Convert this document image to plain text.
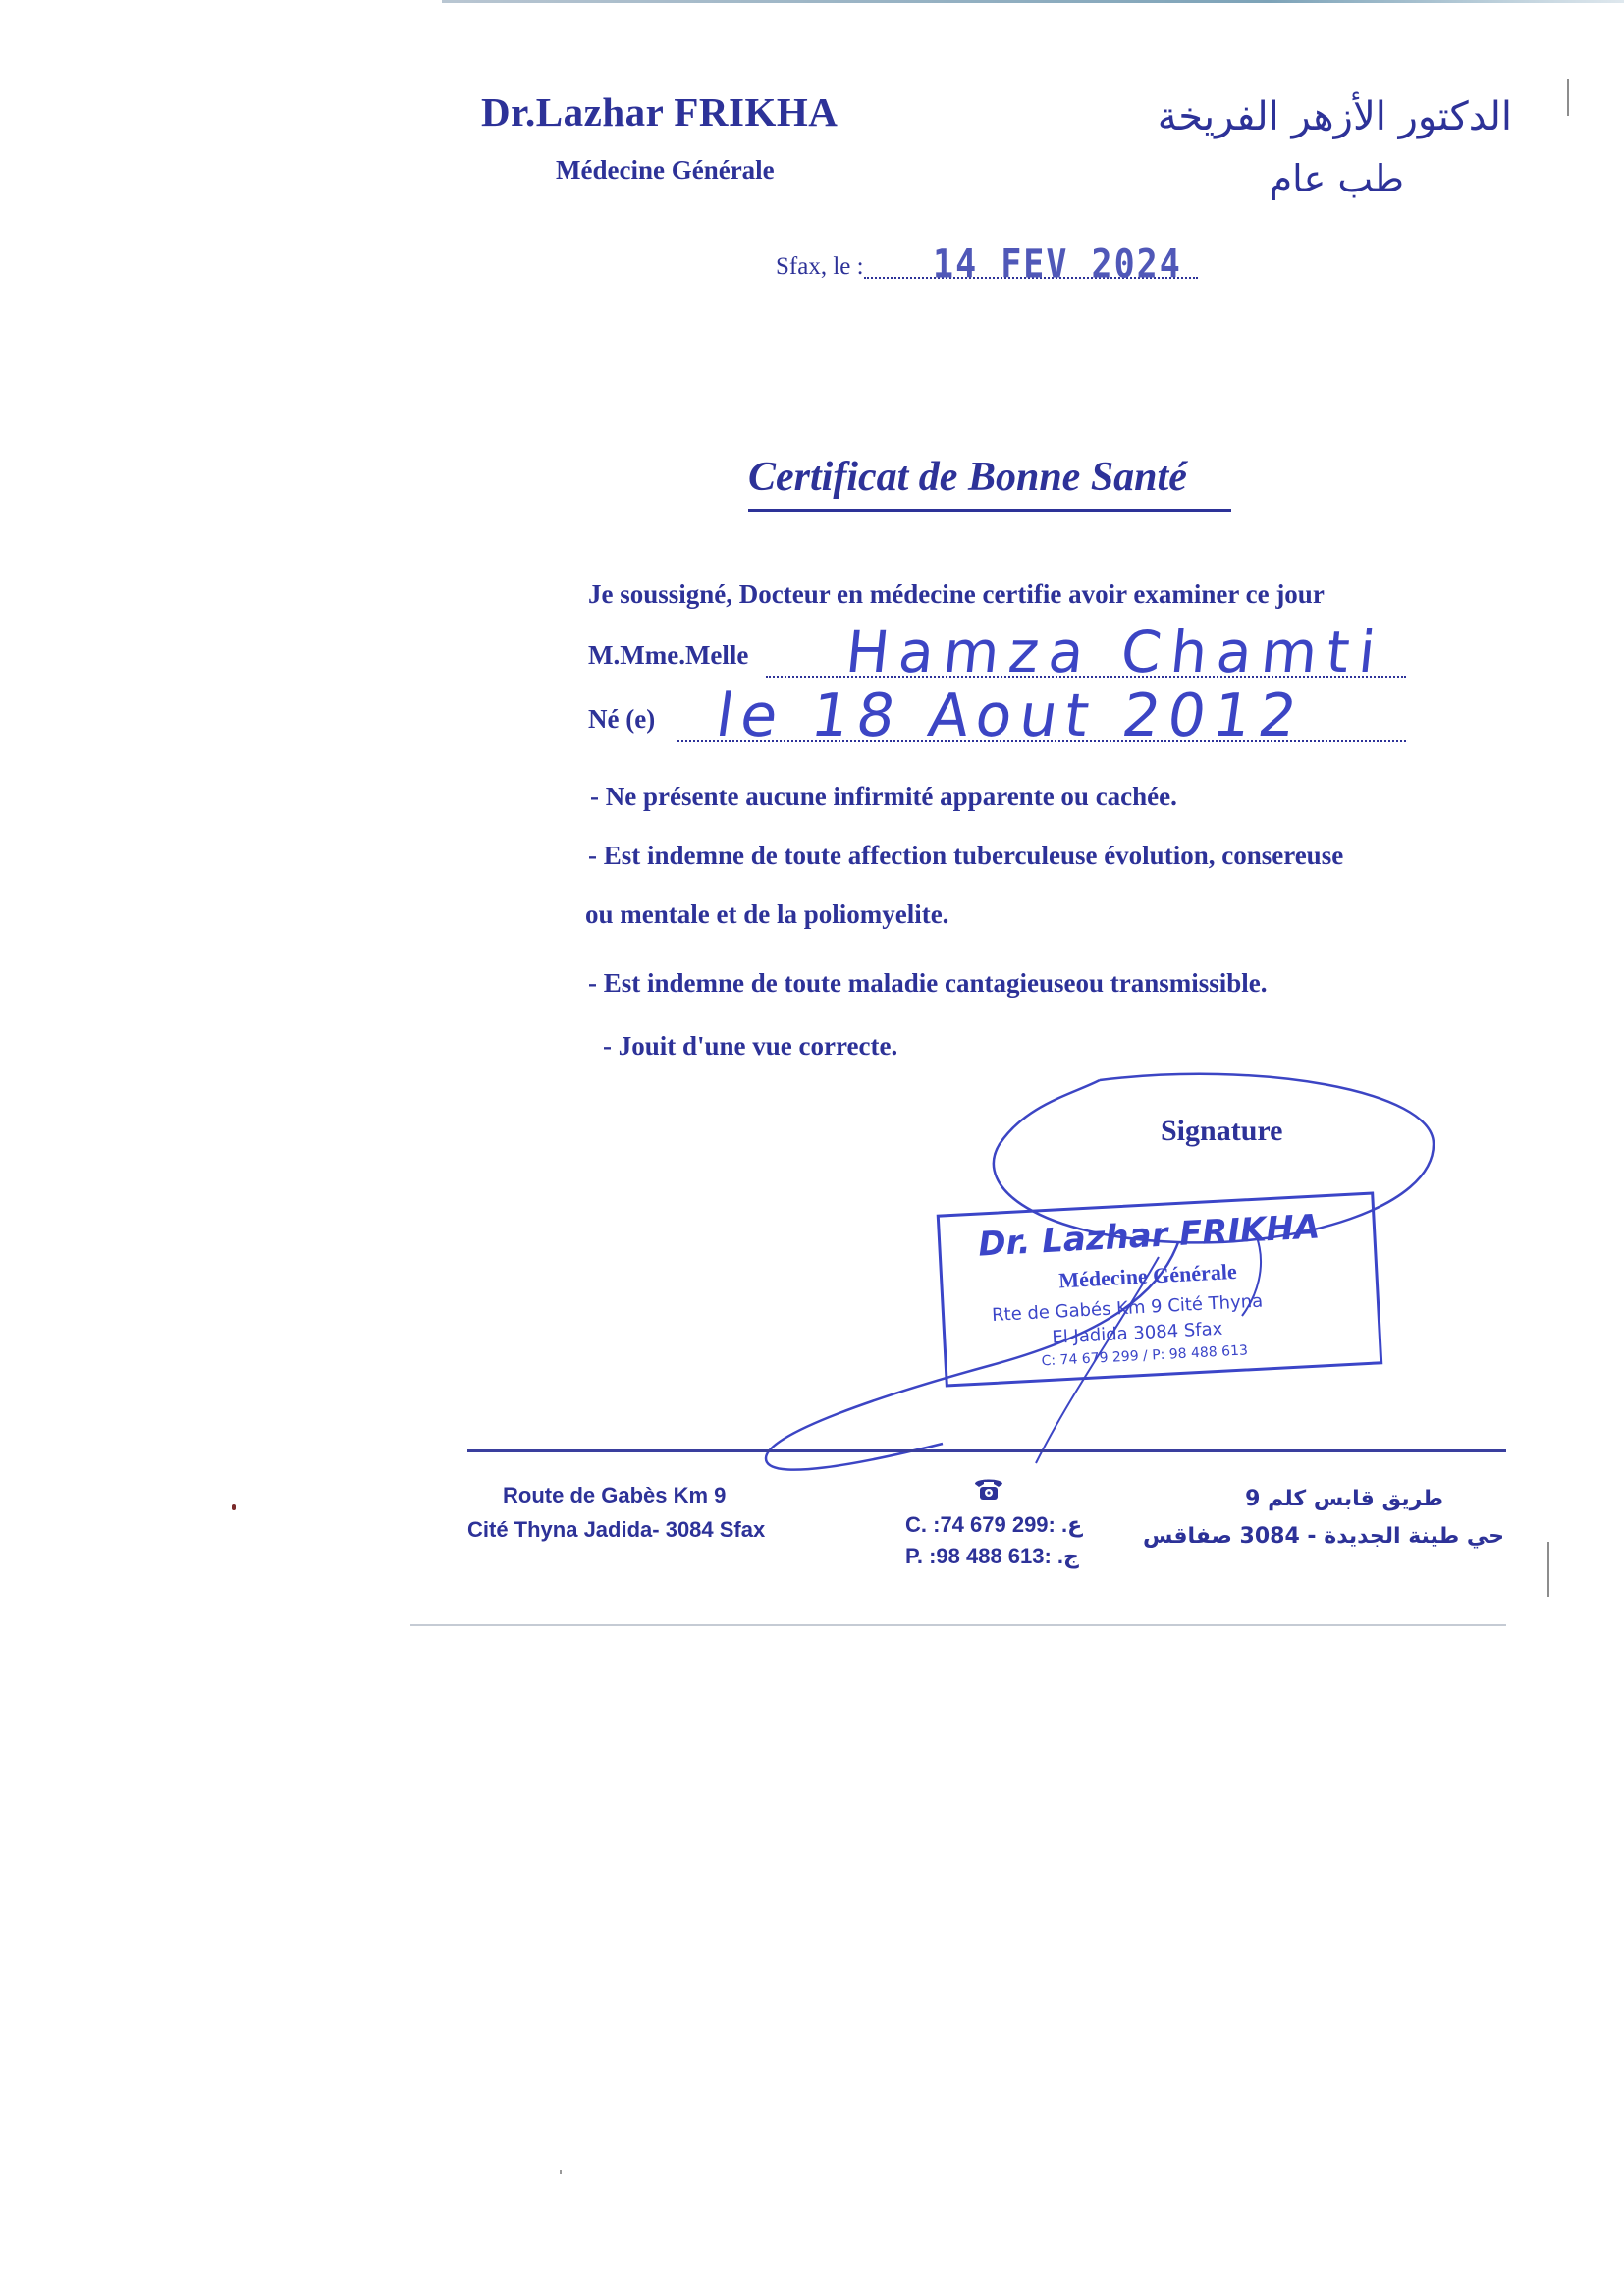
Dr.Lazhar FRIKHA
Médecine Générale
الدكتور الأزهر الفريخة
طب عام
Sfax, le : 14 FEV 2024
Certificat de Bonne Santé
Je soussigné, Docteur en médecine certifie avoir examiner ce jour
M.Mme.Melle Hamza Chamti
Né (e) le 18 Aout 2012
- Ne présente aucune infirmité apparente ou cachée.
- Est indemne de toute affection tuberculeuse évolution, consereuse
ou mentale et de la poliomyelite.
- Est indemne de toute maladie cantagieuseou transmissible.
- Jouit d'une vue correcte.
Signature
Dr. Lazhar FRIKHA
Médecine Générale
Rte de Gabés Km 9 Cité Thyna
El Jadida 3084 Sfax
C: 74 679 299 / P: 98 488 613
Route de Gabès Km 9
Cité Thyna Jadida- 3084 Sfax	C. :74 679 299: .ع
P. :98 488 613: .ج
طريق قابس كلم 9
حي طينة الجديدة - 3084 صفاقس
